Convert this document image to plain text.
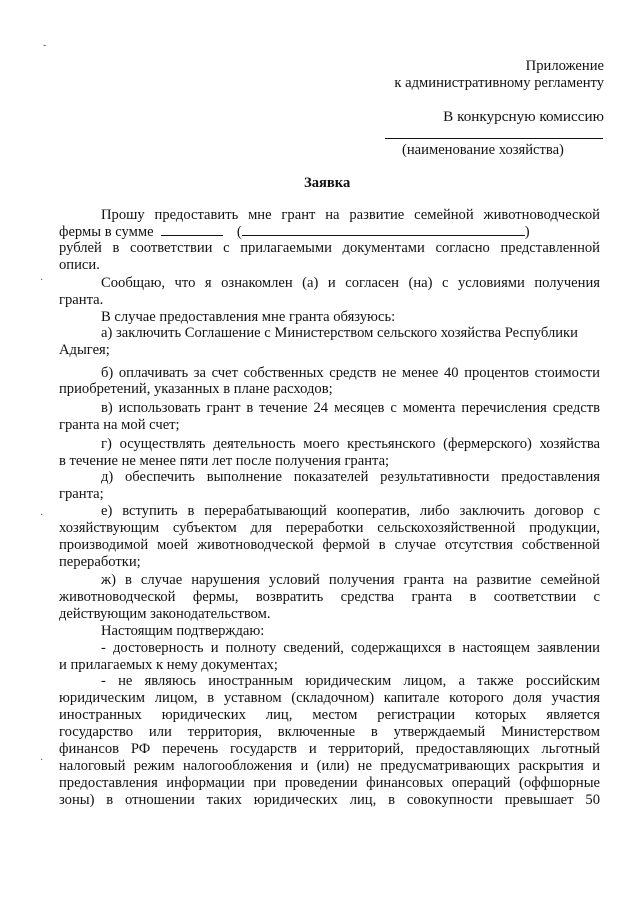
Приложение
к административному регламенту
В конкурсную комиссию
(наименование хозяйства)
Заявка
Прошу предоставить мне грант на развитие семейной животноводческой
фермы в сумме	(	)
рублей в соответствии с прилагаемыми документами согласно представленной
описи.
Сообщаю, что я ознакомлен (а) и согласен (на) с условиями получения
гранта.
В случае предоставления мне гранта обязуюсь:
а) заключить Соглашение с Министерством сельского хозяйства Республики
Адыгея;
б) оплачивать за счет собственных средств не менее 40 процентов стоимости
приобретений, указанных в плане расходов;
в) использовать грант в течение 24 месяцев с момента перечисления средств
гранта на мой счет;
г) осуществлять деятельность моего крестьянского (фермерского) хозяйства
в течение не менее пяти лет после получения гранта;
д) обеспечить выполнение показателей результативности предоставления
гранта;
е) вступить в перерабатывающий кооператив, либо заключить договор с
хозяйствующим субъектом для переработки сельскохозяйственной продукции,
производимой моей животноводческой фермой в случае отсутствия собственной
переработки;
ж) в случае нарушения условий получения гранта на развитие семейной
животноводческой фермы, возвратить средства гранта в соответствии с
действующим законодательством.
Настоящим подтверждаю:
- достоверность и полноту сведений, содержащихся в настоящем заявлении
и прилагаемых к нему документах;
- не являюсь иностранным юридическим лицом, а также российским
юридическим лицом, в уставном (складочном) капитале которого доля участия
иностранных юридических лиц, местом регистрации которых является
государство или территория, включенные в утверждаемый Министерством
финансов РФ перечень государств и территорий, предоставляющих льготный
налоговый режим налогообложения и (или) не предусматривающих раскрытия и
предоставления информации при проведении финансовых операций (оффшорные
зоны) в отношении таких юридических лиц, в совокупности превышает 50
-
·
·
·
